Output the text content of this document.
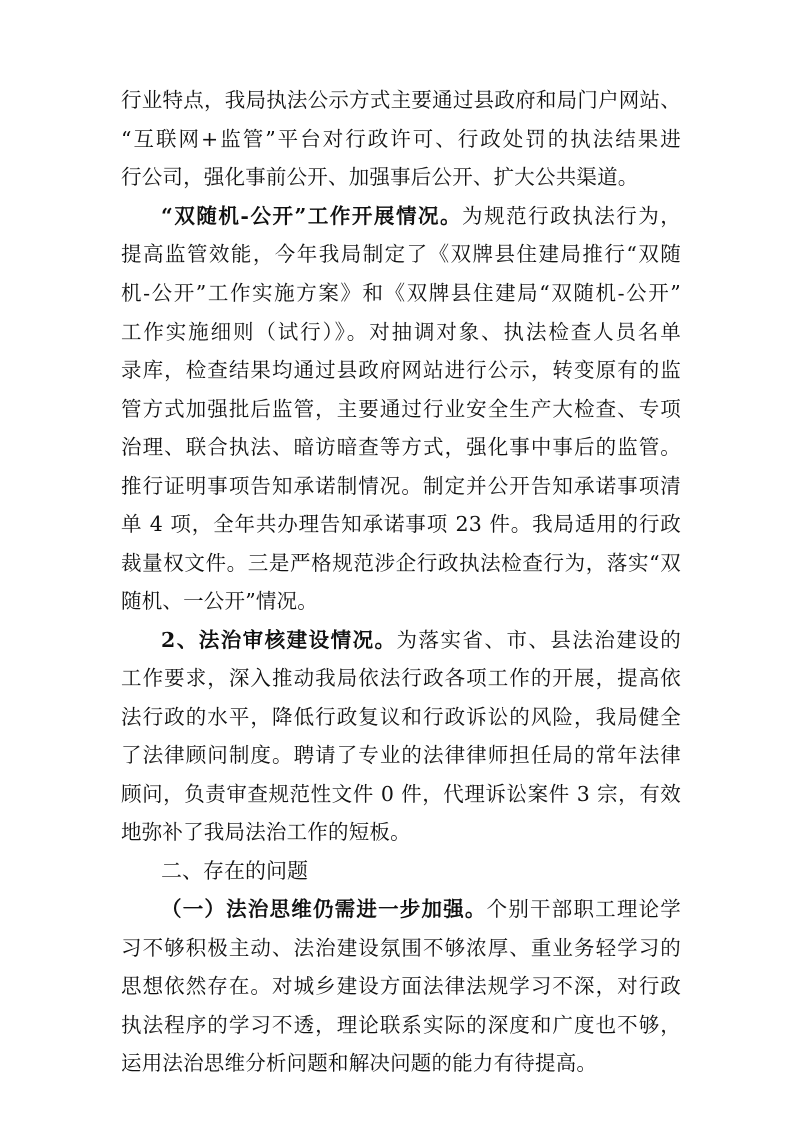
行业特点，我局执法公示方式主要通过县政府和局门户网站、
“互联网+监管”平台对行政许可、行政处罚的执法结果进
行公司，强化事前公开、加强事后公开、扩大公共渠道。
“双随机-公开”工作开展情况。为规范行政执法行为，
提高监管效能，今年我局制定了《双牌县住建局推行“双随
机-公开”工作实施方案》和《双牌县住建局“双随机-公开”
工作实施细则（试行）》。对抽调对象、执法检查人员名单
录库，检查结果均通过县政府网站进行公示，转变原有的监
管方式加强批后监管，主要通过行业安全生产大检查、专项
治理、联合执法、暗访暗查等方式，强化事中事后的监管。
推行证明事项告知承诺制情况。制定并公开告知承诺事项清
单 4 项，全年共办理告知承诺事项 23 件。我局适用的行政
裁量权文件。三是严格规范涉企行政执法检查行为，落实“双
随机、一公开”情况。
2、法治审核建设情况。为落实省、市、县法治建设的
工作要求，深入推动我局依法行政各项工作的开展，提高依
法行政的水平，降低行政复议和行政诉讼的风险，我局健全
了法律顾问制度。聘请了专业的法律律师担任局的常年法律
顾问，负责审查规范性文件 0 件，代理诉讼案件 3 宗，有效
地弥补了我局法治工作的短板。
二、存在的问题
（一）法治思维仍需进一步加强。个别干部职工理论学
习不够积极主动、法治建设氛围不够浓厚、重业务轻学习的
思想依然存在。对城乡建设方面法律法规学习不深，对行政
执法程序的学习不透，理论联系实际的深度和广度也不够，
运用法治思维分析问题和解决问题的能力有待提高。
